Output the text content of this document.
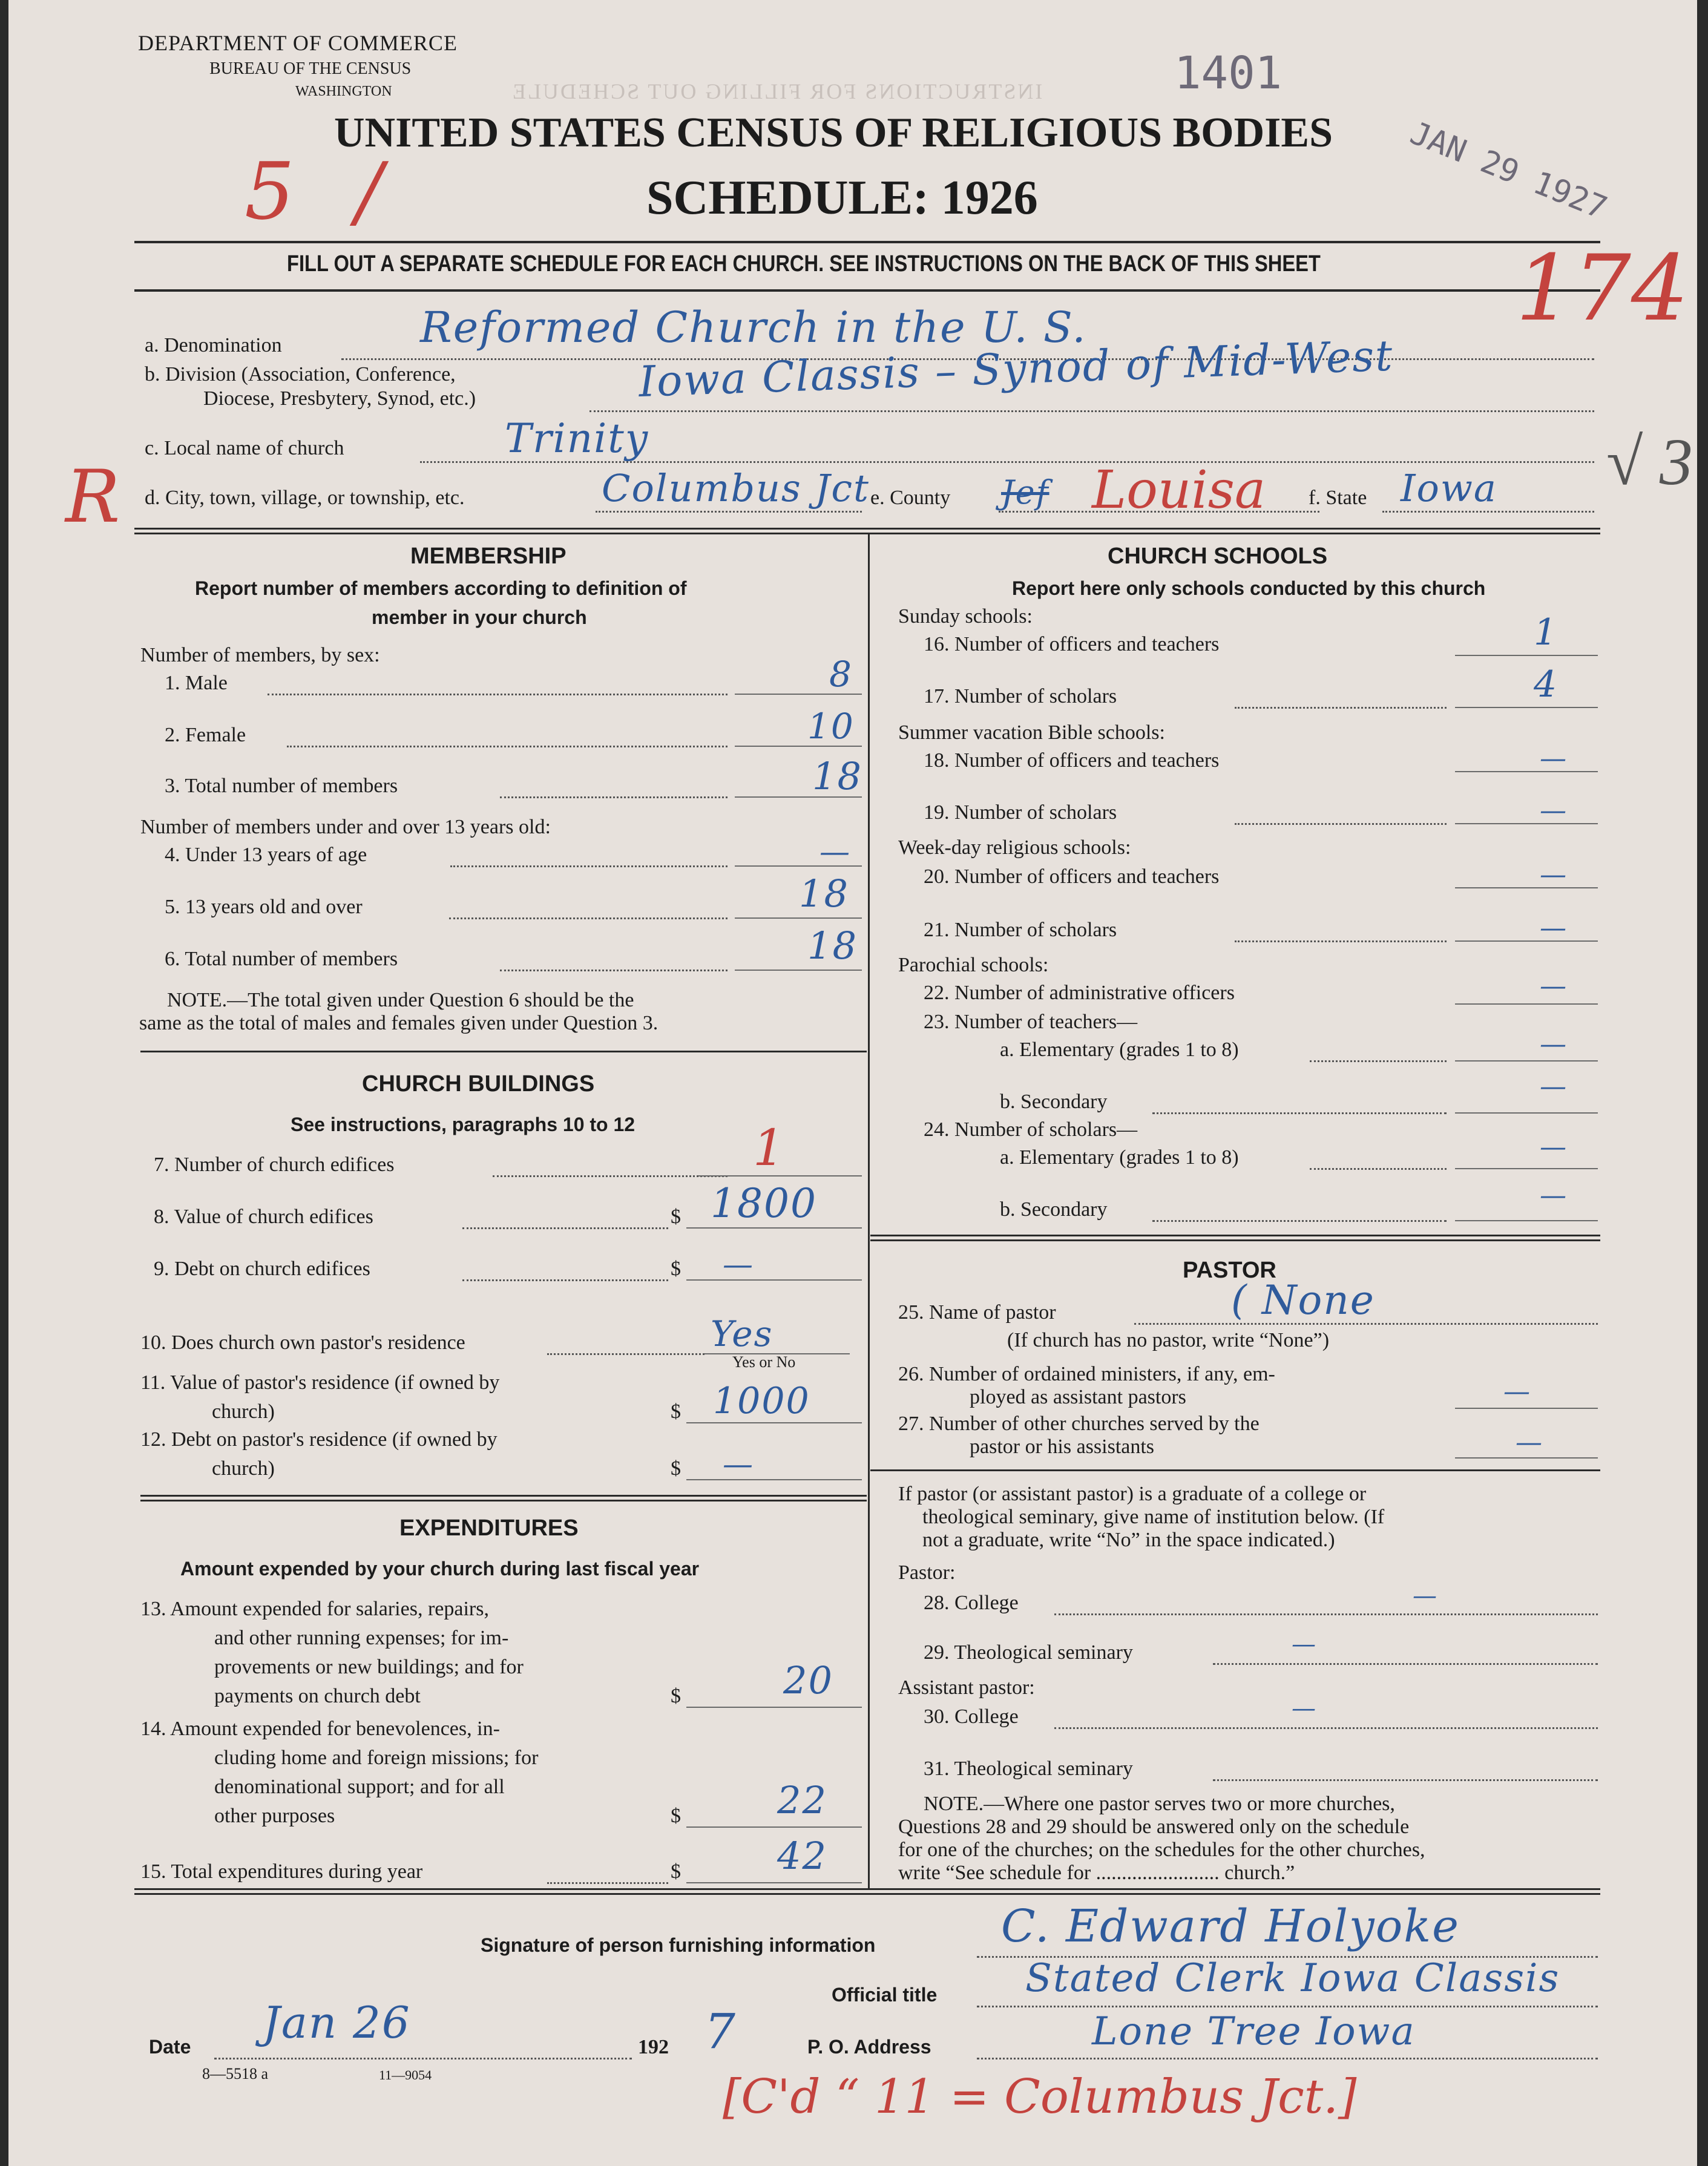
INSTRUCTIONS FOR FILLING OUT SCHEDULE
DEPARTMENT OF COMMERCE
BUREAU OF THE CENSUS
WASHINGTON	1401
JAN 29 1927
5 /
UNITED STATES CENSUS OF RELIGIOUS BODIES
SCHEDULE: 1926
FILL OUT A SEPARATE SCHEDULE FOR EACH CHURCH. SEE INSTRUCTIONS ON THE BACK OF THIS SHEET 174
a. Denomination	Reformed Church in the U. S.
b. Division (Association, Conference,
Diocese, Presbytery, Synod, etc.)	Iowa Classis – Synod of Mid-West
c. Local name of church	Trinity
R d. City, town, village, or township, etc.	Columbus Jct e. County Jef Louisa f. State Iowa √ 3
MEMBERSHIP
Report number of members according to definition of
member in your church
Number of members, by sex:
1. Male	8
2. Female	10
3. Total number of members	18
Number of members under and over 13 years old:
4. Under 13 years of age	—
5. 13 years old and over	18
6. Total number of members	18
NOTE.—The total given under Question 6 should be the
same as the total of males and females given under Question 3.
CHURCH BUILDINGS
See instructions, paragraphs 10 to 12
7. Number of church edifices	1
8. Value of church edifices	$ 1800
9. Debt on church edifices	$ —
10. Does church own pastor's residence	Yes
Yes or No
11. Value of pastor's residence (if owned by
church)	$ 1000
12. Debt on pastor's residence (if owned by
church)	$ —
EXPENDITURES
Amount expended by your church during last fiscal year
13. Amount expended for salaries, repairs,
and other running expenses; for im-
provements or new buildings; and for
payments on church debt	$	20
14. Amount expended for benevolences, in-
cluding home and foreign missions; for
denominational support; and for all
other purposes	$	22
15. Total expenditures during year	$	42
CHURCH SCHOOLS
Report here only schools conducted by this church
Sunday schools:
16. Number of officers and teachers	1
17. Number of scholars	4
Summer vacation Bible schools:
18. Number of officers and teachers	—
19. Number of scholars	—
Week-day religious schools:
20. Number of officers and teachers	—
21. Number of scholars	—
Parochial schools:
22. Number of administrative officers	—
23. Number of teachers—
a. Elementary (grades 1 to 8)	—
b. Secondary	—
24. Number of scholars—
a. Elementary (grades 1 to 8)	—
b. Secondary	—
PASTOR
25. Name of pastor	( None
(If church has no pastor, write “None”)
26. Number of ordained ministers, if any, em-
ployed as assistant pastors	—
27. Number of other churches served by the
pastor or his assistants	—
If pastor (or assistant pastor) is a graduate of a college or
theological seminary, give name of institution below. (If
not a graduate, write “No” in the space indicated.)
Pastor:
28. College	—
29. Theological seminary	—
Assistant pastor:
30. College	—
31. Theological seminary
NOTE.—Where one pastor serves two or more churches,
Questions 28 and 29 should be answered only on the schedule
for one of the churches; on the schedules for the other churches,
write “See schedule for ........................ church.”
Signature of person furnishing information	C. Edward Holyoke
Official title Stated Clerk Iowa Classis
Date Jan 26	192 7	P. O. Address	Lone Tree Iowa
8—5518 a	11—9054	[C'd “ 11 = Columbus Jct.]
